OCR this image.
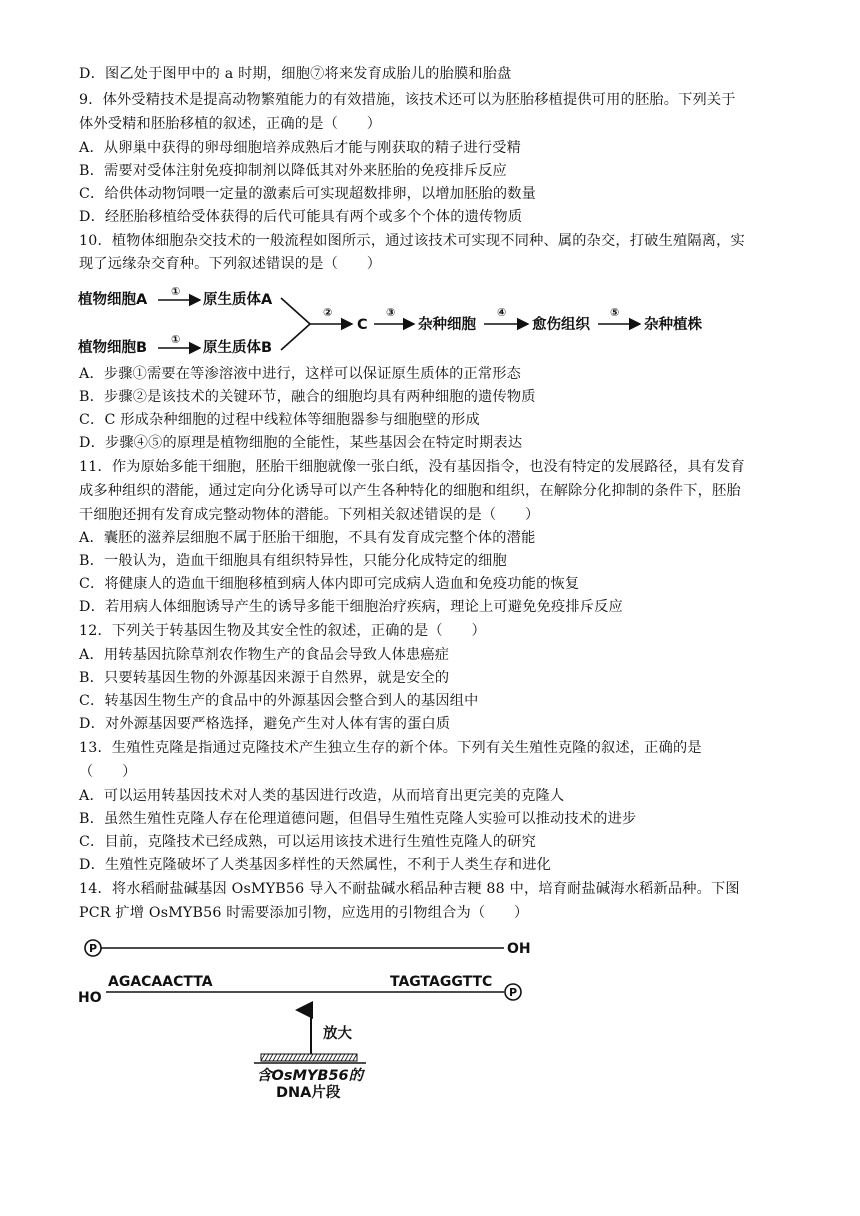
D．图乙处于图甲中的 a 时期，细胞⑦将来发育成胎儿的胎膜和胎盘
9．体外受精技术是提高动物繁殖能力的有效措施，该技术还可以为胚胎移植提供可用的胚胎。下列关于
体外受精和胚胎移植的叙述，正确的是（　　）
A．从卵巢中获得的卵母细胞培养成熟后才能与刚获取的精子进行受精
B．需要对受体注射免疫抑制剂以降低其对外来胚胎的免疫排斥反应
C．给供体动物饲喂一定量的激素后可实现超数排卵，以增加胚胎的数量
D．经胚胎移植给受体获得的后代可能具有两个或多个个体的遗传物质
10．植物体细胞杂交技术的一般流程如图所示，通过该技术可实现不同种、属的杂交，打破生殖隔离，实
现了远缘杂交育种。下列叙述错误的是（　　）
植物细胞A
①
原生质体A
植物细胞B
①
原生质体B
②
C
③
杂种细胞
④
愈伤组织
⑤
杂种植株
A．步骤①需要在等渗溶液中进行，这样可以保证原生质体的正常形态
B．步骤②是该技术的关键环节，融合的细胞均具有两种细胞的遗传物质
C．C 形成杂种细胞的过程中线粒体等细胞器参与细胞壁的形成
D．步骤④⑤的原理是植物细胞的全能性，某些基因会在特定时期表达
11．作为原始多能干细胞，胚胎干细胞就像一张白纸，没有基因指令，也没有特定的发展路径，具有发育
成多种组织的潜能，通过定向分化诱导可以产生各种特化的细胞和组织，在解除分化抑制的条件下，胚胎
干细胞还拥有发育成完整动物体的潜能。下列相关叙述错误的是（　　）
A．囊胚的滋养层细胞不属于胚胎干细胞，不具有发育成完整个体的潜能
B．一般认为，造血干细胞具有组织特异性，只能分化成特定的细胞
C．将健康人的造血干细胞移植到病人体内即可完成病人造血和免疫功能的恢复
D．若用病人体细胞诱导产生的诱导多能干细胞治疗疾病，理论上可避免免疫排斥反应
12．下列关于转基因生物及其安全性的叙述，正确的是（　　）
A．用转基因抗除草剂农作物生产的食品会导致人体患癌症
B．只要转基因生物的外源基因来源于自然界，就是安全的
C．转基因生物生产的食品中的外源基因会整合到人的基因组中
D．对外源基因要严格选择，避免产生对人体有害的蛋白质
13．生殖性克隆是指通过克隆技术产生独立生存的新个体。下列有关生殖性克隆的叙述，正确的是
（　　）
A．可以运用转基因技术对人类的基因进行改造，从而培育出更完美的克隆人
B．虽然生殖性克隆人存在伦理道德问题，但倡导生殖性克隆人实验可以推动技术的进步
C．目前，克隆技术已经成熟，可以运用该技术进行生殖性克隆人的研究
D．生殖性克隆破坏了人类基因多样性的天然属性，不利于人类生存和进化
14．将水稻耐盐碱基因 OsMYB56 导入不耐盐碱水稻品种吉粳 88 中，培育耐盐碱海水稻新品种。下图
PCR 扩增 OsMYB56 时需要添加引物，应选用的引物组合为（　　）
P	OH
AGACAACTTA	TAGTAGGTTC
HO	P
放大
含OsMYB56的
DNA片段
